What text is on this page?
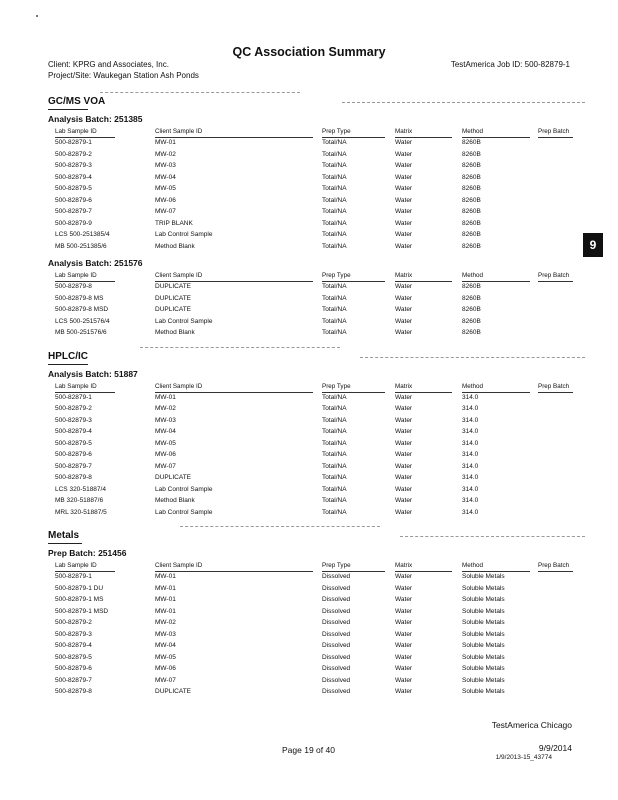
QC Association Summary
Client: KPRG and Associates, Inc.	TestAmerica Job ID: 500-82879-1
Project/Site: Waukegan Station Ash Ponds
9
GC/MS VOA
Analysis Batch: 251385
Lab Sample ID	Client Sample ID	Prep Type	Matrix	Method	Prep Batch
500-82879-1	MW-01	Total/NA	Water	8260B
500-82879-2	MW-02	Total/NA	Water	8260B
500-82879-3	MW-03	Total/NA	Water	8260B
500-82879-4	MW-04	Total/NA	Water	8260B
500-82879-5	MW-05	Total/NA	Water	8260B
500-82879-6	MW-06	Total/NA	Water	8260B
500-82879-7	MW-07	Total/NA	Water	8260B
500-82879-9	TRIP BLANK	Total/NA	Water	8260B
LCS 500-251385/4	Lab Control Sample	Total/NA	Water	8260B
MB 500-251385/6	Method Blank	Total/NA	Water	8260B
Analysis Batch: 251576
Lab Sample ID	Client Sample ID	Prep Type	Matrix	Method	Prep Batch
500-82879-8	DUPLICATE	Total/NA	Water	8260B
500-82879-8 MS	DUPLICATE	Total/NA	Water	8260B
500-82879-8 MSD	DUPLICATE	Total/NA	Water	8260B
LCS 500-251576/4	Lab Control Sample	Total/NA	Water	8260B
MB 500-251576/6	Method Blank	Total/NA	Water	8260B
HPLC/IC
Analysis Batch: 51887
Lab Sample ID	Client Sample ID	Prep Type	Matrix	Method	Prep Batch
500-82879-1	MW-01	Total/NA	Water	314.0
500-82879-2	MW-02	Total/NA	Water	314.0
500-82879-3	MW-03	Total/NA	Water	314.0
500-82879-4	MW-04	Total/NA	Water	314.0
500-82879-5	MW-05	Total/NA	Water	314.0
500-82879-6	MW-06	Total/NA	Water	314.0
500-82879-7	MW-07	Total/NA	Water	314.0
500-82879-8	DUPLICATE	Total/NA	Water	314.0
LCS 320-51887/4	Lab Control Sample	Total/NA	Water	314.0
MB 320-51887/6	Method Blank	Total/NA	Water	314.0
MRL 320-51887/5	Lab Control Sample	Total/NA	Water	314.0
Metals
Prep Batch: 251456
Lab Sample ID	Client Sample ID	Prep Type	Matrix	Method	Prep Batch
500-82879-1	MW-01	Dissolved	Water	Soluble Metals
500-82879-1 DU	MW-01	Dissolved	Water	Soluble Metals
500-82879-1 MS	MW-01	Dissolved	Water	Soluble Metals
500-82879-1 MSD	MW-01	Dissolved	Water	Soluble Metals
500-82879-2	MW-02	Dissolved	Water	Soluble Metals
500-82879-3	MW-03	Dissolved	Water	Soluble Metals
500-82879-4	MW-04	Dissolved	Water	Soluble Metals
500-82879-5	MW-05	Dissolved	Water	Soluble Metals
500-82879-6	MW-06	Dissolved	Water	Soluble Metals
500-82879-7	MW-07	Dissolved	Water	Soluble Metals
500-82879-8	DUPLICATE	Dissolved	Water	Soluble Metals
TestAmerica Chicago
Page 19 of 40	9/9/2014
1/9/2013-15_43774
